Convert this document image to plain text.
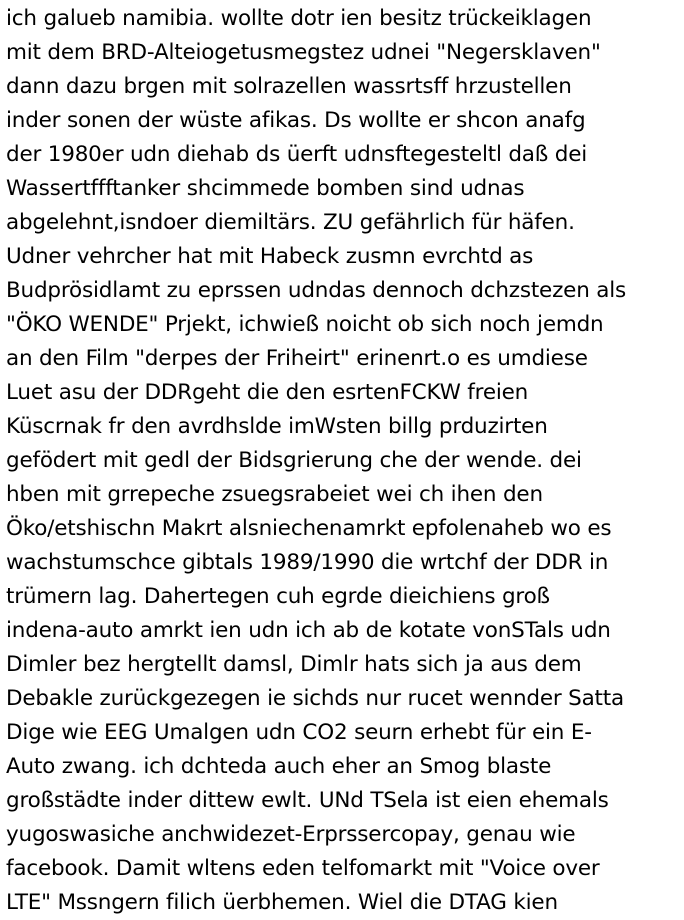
ich galueb namibia. wollte dotr ien besitz trückeiklagen
mit dem BRD-Alteiogetusmegstez udnei "Negersklaven"
dann dazu brgen mit solrazellen wassrtsff hrzustellen
inder sonen der wüste afikas. Ds wollte er shcon anafg
der 1980er udn diehab ds üerft udnsftegesteltl daß dei
Wassertffftanker shcimmede bomben sind udnas
abgelehnt,isndoer diemiltärs. ZU gefährlich für häfen.
Udner vehrcher hat mit Habeck zusmn evrchtd as
Budprösidlamt zu eprssen udndas dennoch dchzstezen als
"ÖKO WENDE" Prjekt, ichwieß noicht ob sich noch jemdn
an den Film "derpes der Friheirt" erinenrt.o es umdiese
Luet asu der DDRgeht die den esrtenFCKW freien
Küscrnak fr den avrdhslde imWsten billg prduzirten
gefödert mit gedl der Bidsgrierung che der wende. dei
hben mit grrepeche zsuegsrabeiet wei ch ihen den
Öko/etshischn Makrt alsniechenamrkt epfolenaheb wo es
wachstumschce gibtals 1989/1990 die wrtchf der DDR in
trümern lag. Dahertegen cuh egrde dieichiens groß
indena-auto amrkt ien udn ich ab de kotate vonSTals udn
Dimler bez hergtellt damsl, Dimlr hats sich ja aus dem
Debakle zurückgezegen ie sichds nur rucet wennder Satta
Dige wie EEG Umalgen udn CO2 seurn erhebt für ein E-
Auto zwang. ich dchteda auch eher an Smog blaste
großstädte inder dittew ewlt. UNd TSela ist eien ehemals
yugoswasiche anchwidezet-Erprssercopay, genau wie
facebook. Damit wltens eden telfomarkt mit "Voice over
LTE" Mssngern filich üerbhemen. Wiel die DTAG kien
